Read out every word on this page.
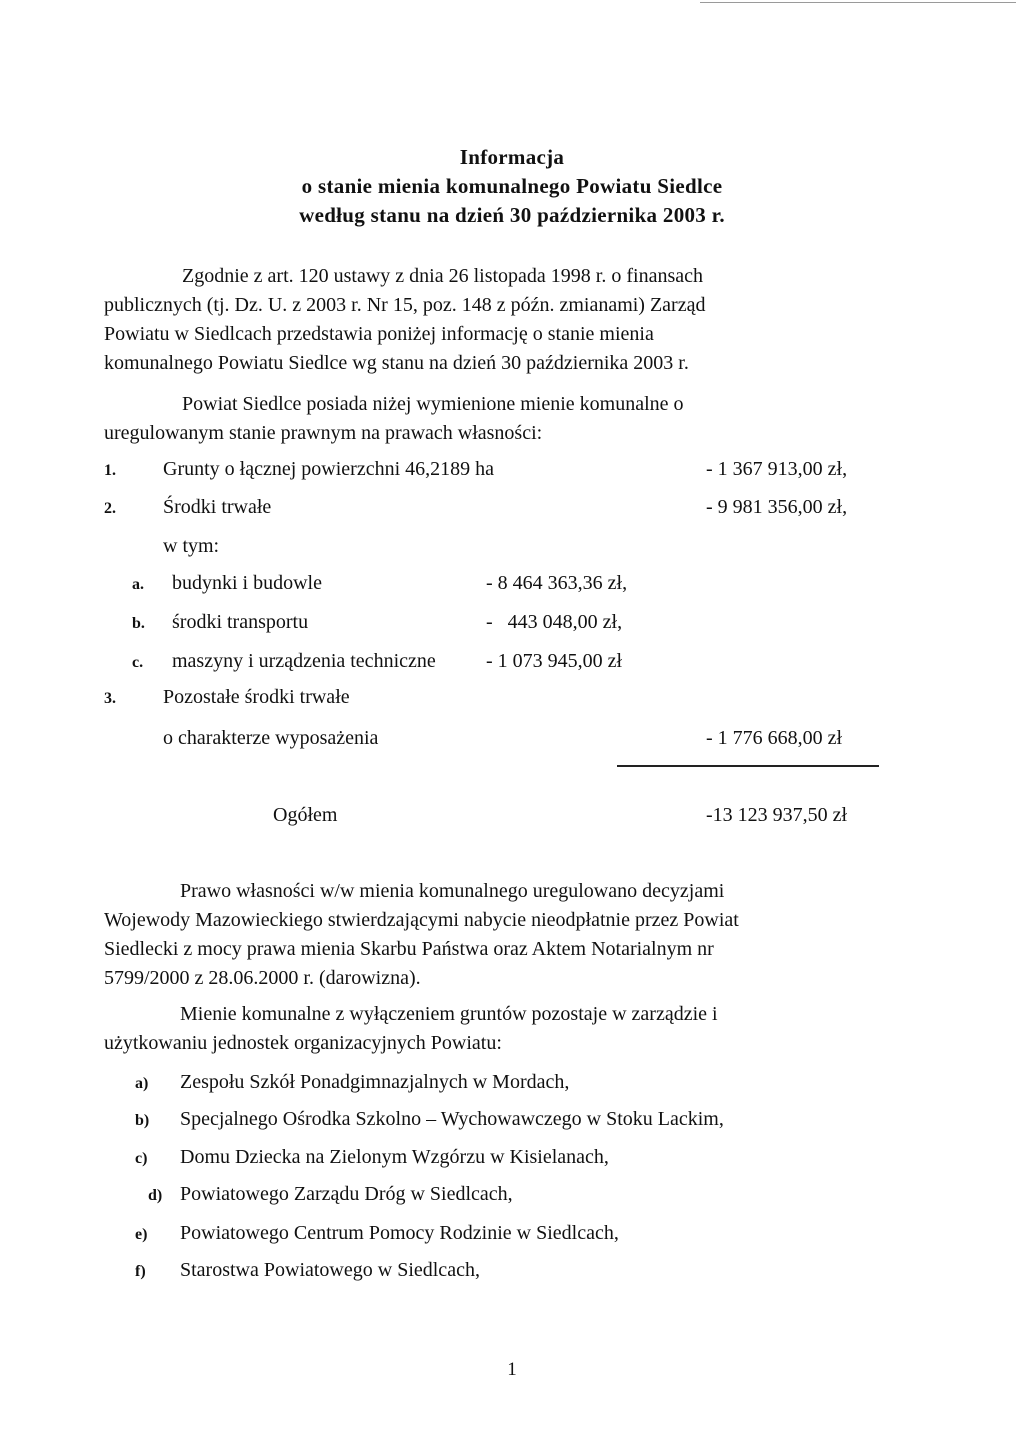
Informacja
o stanie mienia komunalnego Powiatu Siedlce
według stanu na dzień 30 października 2003 r.
Zgodnie z art. 120 ustawy z dnia 26 listopada 1998 r. o finansach
publicznych (tj. Dz. U. z 2003 r. Nr 15, poz. 148 z późn. zmianami) Zarząd
Powiatu w Siedlcach przedstawia poniżej informację o stanie mienia
komunalnego Powiatu Siedlce wg stanu na dzień 30 października 2003 r.
Powiat Siedlce posiada niżej wymienione mienie komunalne o
uregulowanym stanie prawnym na prawach własności:
1. Grunty o łącznej powierzchni 46,2189 ha	- 1 367 913,00 zł,
2. Środki trwałe	- 9 981 356,00 zł,
w tym:
a. budynki i budowle	- 8 464 363,36 zł,
b. środki transportu	-   443 048,00 zł,
c. maszyny i urządzenia techniczne	- 1 073 945,00 zł
3. Pozostałe środki trwałe
o charakterze wyposażenia	- 1 776 668,00 zł
Ogółem	-13 123 937,50 zł
Prawo własności w/w mienia komunalnego uregulowano decyzjami
Wojewody Mazowieckiego stwierdzającymi nabycie nieodpłatnie przez Powiat
Siedlecki z mocy prawa mienia Skarbu Państwa oraz Aktem Notarialnym nr
5799/2000 z 28.06.2000 r. (darowizna).
Mienie komunalne z wyłączeniem gruntów pozostaje w zarządzie i
użytkowaniu jednostek organizacyjnych Powiatu:
a) Zespołu Szkół Ponadgimnazjalnych w Mordach,
b) Specjalnego Ośrodka Szkolno – Wychowawczego w Stoku Lackim,
c) Domu Dziecka na Zielonym Wzgórzu w Kisielanach,
d) Powiatowego Zarządu Dróg w Siedlcach,
e) Powiatowego Centrum Pomocy Rodzinie w Siedlcach,
f) Starostwa Powiatowego w Siedlcach,
1
